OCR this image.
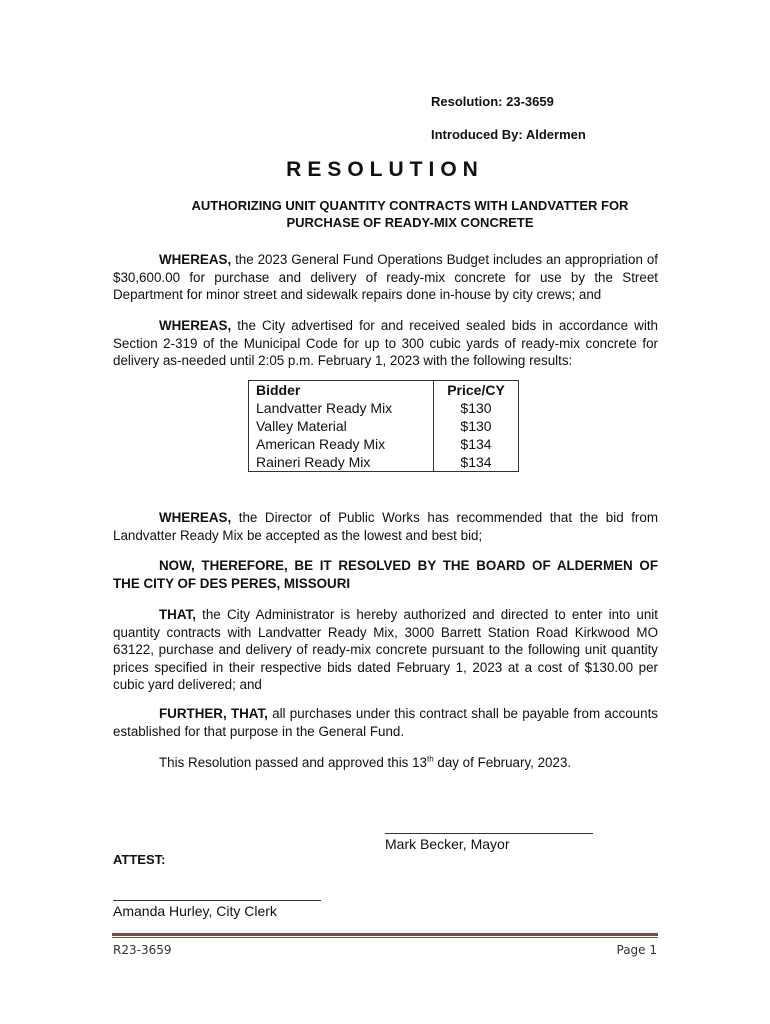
Resolution: 23-3659
Introduced By: Aldermen
RESOLUTION
AUTHORIZING UNIT QUANTITY CONTRACTS WITH LANDVATTER FOR
PURCHASE OF READY-MIX CONCRETE
WHEREAS, the 2023 General Fund Operations Budget includes an appropriation of $30,600.00 for purchase and delivery of ready-mix concrete for use by the Street Department for minor street and sidewalk repairs done in-house by city crews; and
WHEREAS, the City advertised for and received sealed bids in accordance with Section 2-319 of the Municipal Code for up to 300 cubic yards of ready-mix concrete for delivery as-needed until 2:05 p.m. February 1, 2023 with the following results:
Bidder	Price/CY
Landvatter Ready Mix	$130
Valley Material	$130
American Ready Mix	$134
Raineri Ready Mix	$134
WHEREAS, the Director of Public Works has recommended that the bid from Landvatter Ready Mix be accepted as the lowest and best bid;
NOW, THEREFORE, BE IT RESOLVED BY THE BOARD OF ALDERMEN OF THE CITY OF DES PERES, MISSOURI
THAT, the City Administrator is hereby authorized and directed to enter into unit quantity contracts with Landvatter Ready Mix, 3000 Barrett Station Road Kirkwood MO 63122, purchase and delivery of ready-mix concrete pursuant to the following unit quantity prices specified in their respective bids dated February 1, 2023 at a cost of $130.00 per cubic yard delivered; and
FURTHER, THAT, all purchases under this contract shall be payable from accounts established for that purpose in the General Fund.
This Resolution passed and approved this 13th day of February, 2023.
Mark Becker, Mayor
ATTEST:
Amanda Hurley, City Clerk
R23-3659	Page 1
